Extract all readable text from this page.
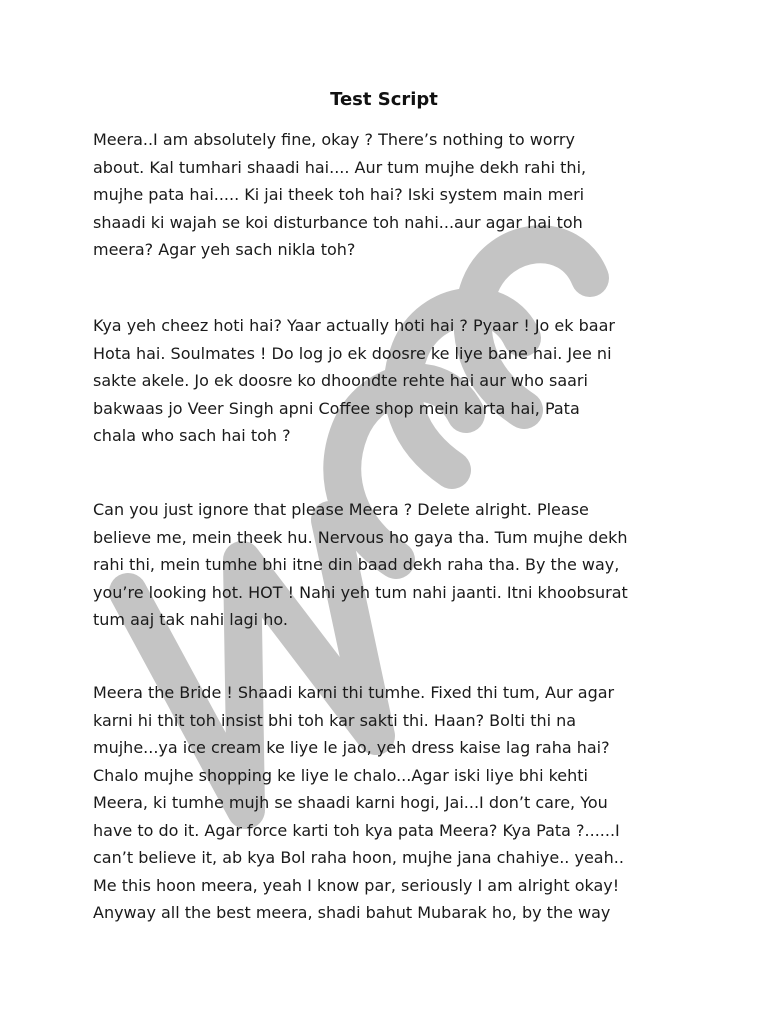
Test Script

Meera..I am absolutely fine, okay ? There’s nothing to worry
about. Kal tumhari shaadi hai.... Aur tum mujhe dekh rahi thi,
mujhe pata hai..... Ki jai theek toh hai? Iski system main meri
shaadi ki wajah se koi disturbance toh nahi...aur agar hai toh
meera? Agar yeh sach nikla toh?

Kya yeh cheez hoti hai? Yaar actually hoti hai ? Pyaar ! Jo ek baar
Hota hai. Soulmates ! Do log jo ek doosre ke liye bane hai. Jee ni
sakte akele. Jo ek doosre ko dhoondte rehte hai aur who saari
bakwaas jo Veer Singh apni Coffee shop mein karta hai, Pata
chala who sach hai toh ?

Can you just ignore that please Meera ? Delete alright. Please
believe me, mein theek hu. Nervous ho gaya tha. Tum mujhe dekh
rahi thi, mein tumhe bhi itne din baad dekh raha tha. By the way,
you’re looking hot. HOT ! Nahi yeh tum nahi jaanti. Itni khoobsurat
tum aaj tak nahi lagi ho.

Meera the Bride ! Shaadi karni thi tumhe. Fixed thi tum, Aur agar
karni hi thit toh insist bhi toh kar sakti thi. Haan? Bolti thi na
mujhe...ya ice cream ke liye le jao, yeh dress kaise lag raha hai?
Chalo mujhe shopping ke liye le chalo...Agar iski liye bhi kehti
Meera, ki tumhe mujh se shaadi karni hogi, Jai...I don’t care, You
have to do it. Agar force karti toh kya pata Meera? Kya Pata ?......I
can’t believe it, ab kya Bol raha hoon, mujhe jana chahiye.. yeah..
Me this hoon meera, yeah I know par, seriously I am alright okay!
Anyway all the best meera, shadi bahut Mubarak ho, by the way
